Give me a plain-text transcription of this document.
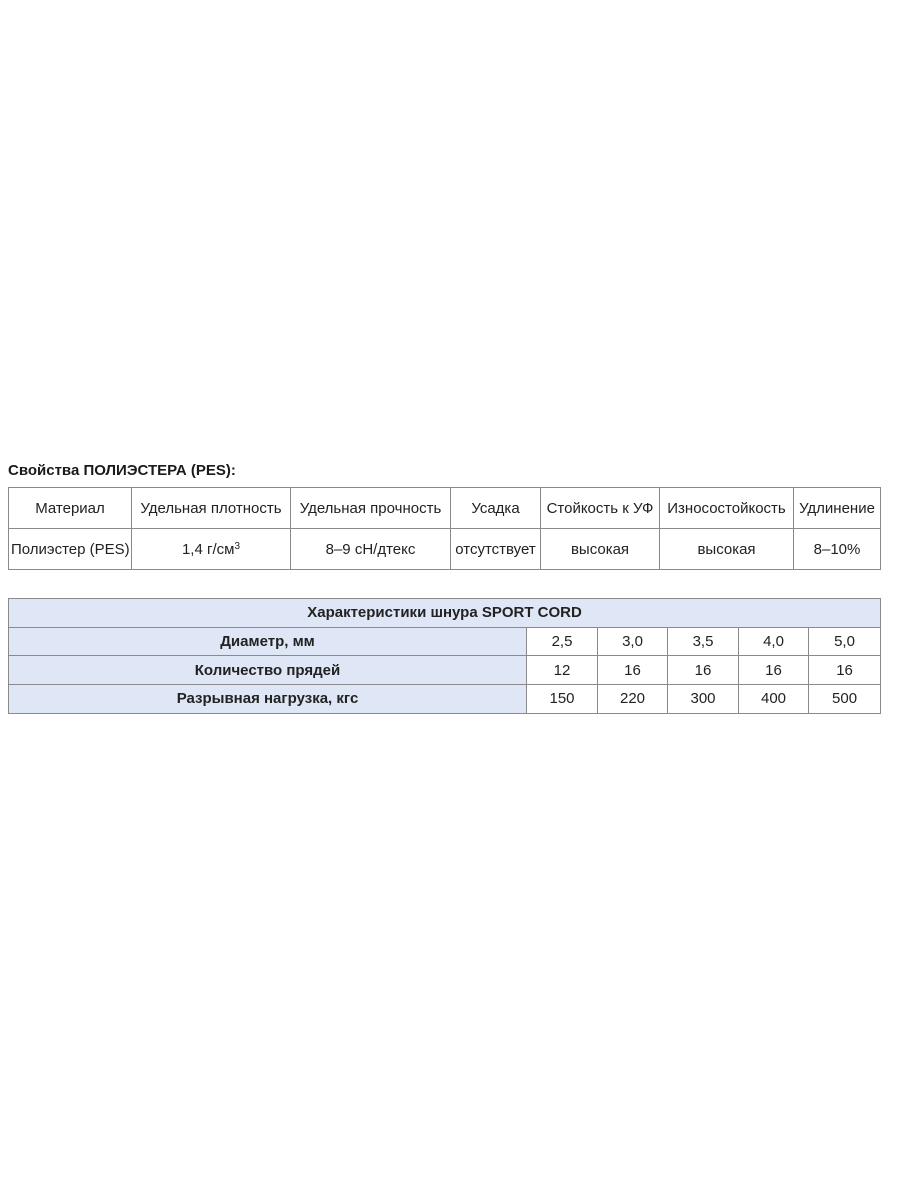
Свойства ПОЛИЭСТЕРА (PES):
Материал	Удельная плотность	Удельная прочность	Усадка	Стойкость к УФ	Износостойкость	Удлинение
Полиэстер (PES)	1,4 $г/см^3$	8–9 сН/дтекс	отсутствует	высокая	высокая	8–10%
Характеристики шнура SPORT CORD					
Диаметр, мм	2,5	3,0	3,5	4,0	5,0
Количество прядей	12	16	16	16	16
Разрывная нагрузка, кгс	150	220	300	400	500
